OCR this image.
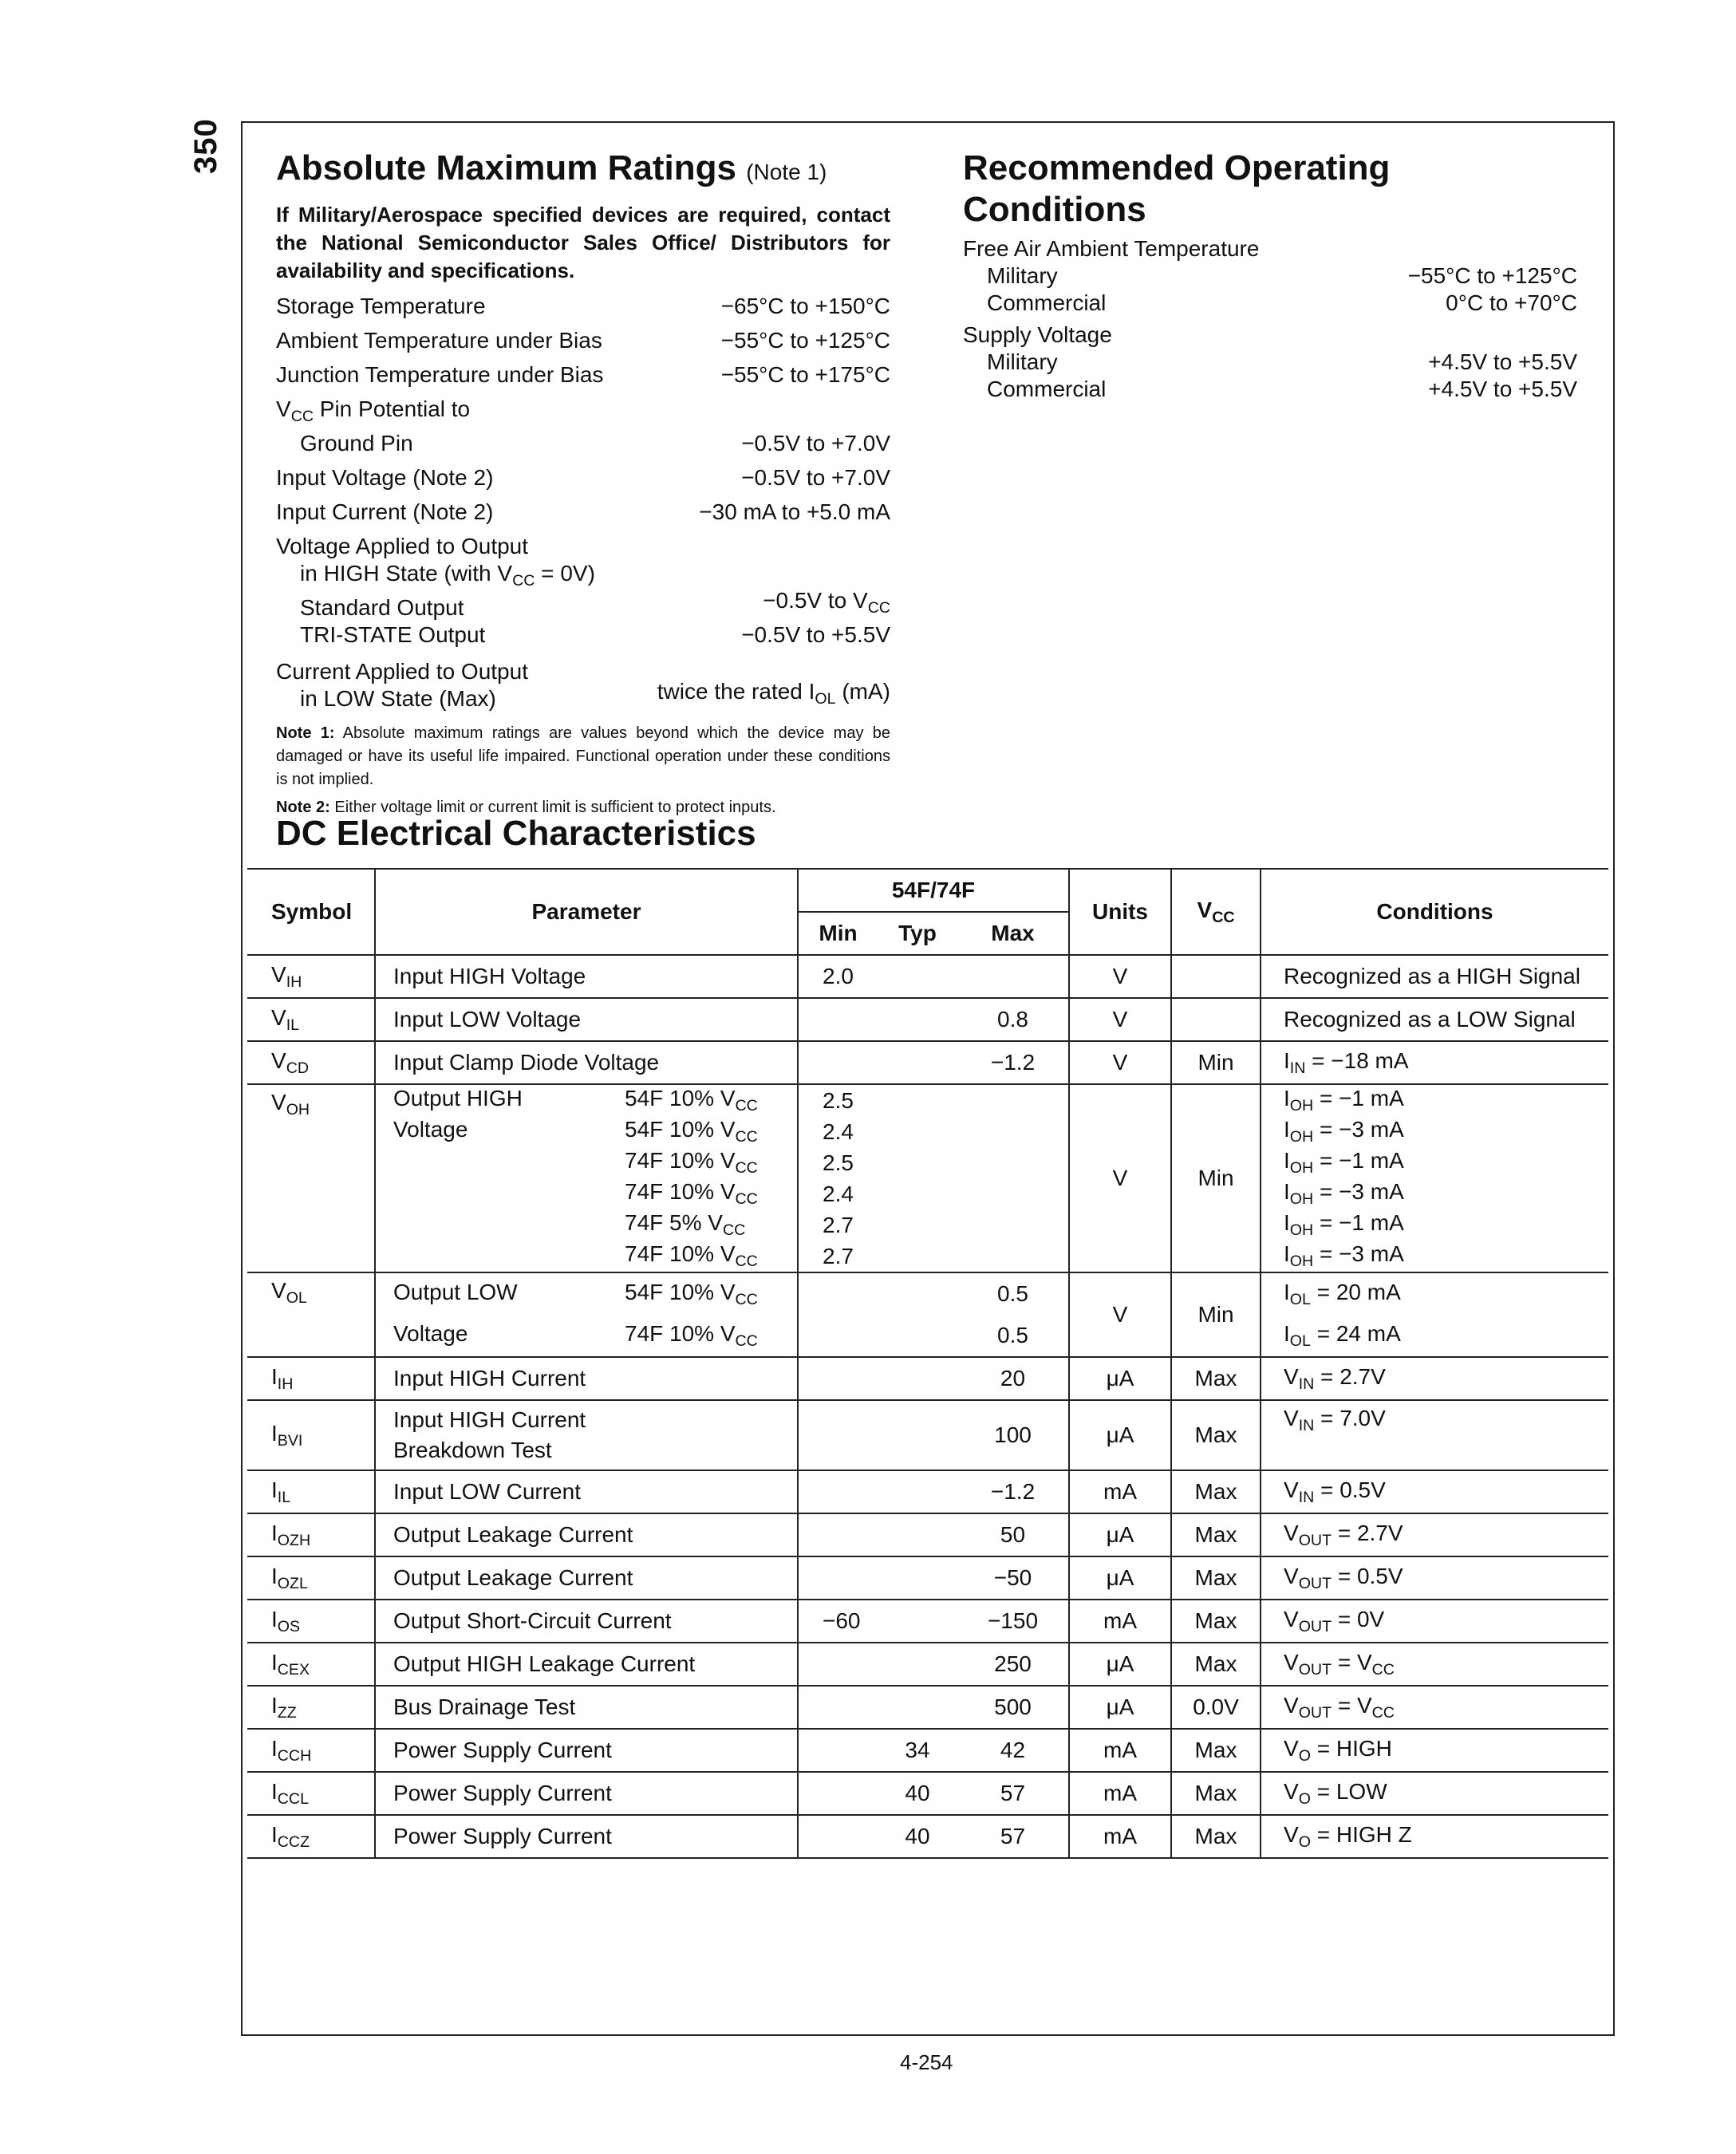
350 Absolute Maximum Ratings (Note 1)
If Military/Aerospace specified devices are required, contact the National Semiconductor Sales Office/ Distributors for availability and specifications.
Storage Temperature	−65°C to +150°C
Ambient Temperature under Bias	−55°C to +125°C
Junction Temperature under Bias	−55°C to +175°C
$V_{CC}$ Pin Potential to
Ground Pin	−0.5V to +7.0V
Input Voltage (Note 2)	−0.5V to +7.0V
Input Current (Note 2)	−30 mA to +5.0 mA
Voltage Applied to Output
in HIGH State (with $V_{CC} = 0V$)
Standard Output	−0.5V to $V_{CC}$
TRI-STATE Output	−0.5V to +5.5V
Current Applied to Output
in LOW State (Max)	twice the rated $I_{OL}$ (mA)
Note 1: Absolute maximum ratings are values beyond which the device may be damaged or have its useful life impaired. Functional operation under these conditions is not implied.
Note 2: Either voltage limit or current limit is sufficient to protect inputs.
Recommended Operating Conditions
Free Air Ambient Temperature
Military	−55°C to +125°C
Commercial	0°C to +70°C
Supply Voltage
Military	+4.5V to +5.5V
Commercial	+4.5V to +5.5V
DC Electrical Characteristics
Symbol	Parameter	54F/74F			Units	$V_{CC}$	Conditions
		Min	Typ	Max			
$V_{IH}$	Input HIGH Voltage	2.0			V		Recognized as a HIGH Signal
$V_{IL}$	Input LOW Voltage			0.8	V		Recognized as a LOW Signal
$V_{CD}$	Input Clamp Diode Voltage			−1.2	V	Min	$I_{IN} = -18$ mA
$V_{OH}$	Output HIGH 54F 10% $V_{CC}$	2.5			V	Min	$I_{OH} = -1$ mA
	Voltage 54F 10% $V_{CC}$	2.4					$I_{OH} = -3$ mA
	74F 10% $V_{CC}$	2.5					$I_{OH} = -1$ mA
	74F 10% $V_{CC}$	2.4					$I_{OH} = -3$ mA
	74F 5% $V_{CC}$	2.7					$I_{OH} = -1$ mA
	74F 10% $V_{CC}$	2.7					$I_{OH} = -3$ mA
$V_{OL}$	Output LOW 54F 10% $V_{CC}$			0.5	V	Min	$I_{OL} = 20$ mA
	Voltage 74F 10% $V_{CC}$			0.5			$I_{OL} = 24$ mA
$I_{IH}$	Input HIGH Current			20	μA	Max	$V_{IN} = 2.7V$
$I_{BVI}$	Input HIGH Current
Breakdown Test			100	μA	Max	$V_{IN} = 7.0V$
$I_{IL}$	Input LOW Current			−1.2	mA	Max	$V_{IN} = 0.5V$
$I_{OZH}$	Output Leakage Current			50	μA	Max	$V_{OUT} = 2.7V$
$I_{OZL}$	Output Leakage Current			−50	μA	Max	$V_{OUT} = 0.5V$
$I_{OS}$	Output Short-Circuit Current	−60		−150	mA	Max	$V_{OUT} = 0V$
$I_{CEX}$	Output HIGH Leakage Current			250	μA	Max	$V_{OUT} = V_{CC}$
$I_{ZZ}$	Bus Drainage Test			500	μA	0.0V	$V_{OUT} = V_{CC}$
$I_{CCH}$	Power Supply Current		34	42	mA	Max	$V_O$ = HIGH
$I_{CCL}$	Power Supply Current		40	57	mA	Max	$V_O$ = LOW
$I_{CCZ}$	Power Supply Current		40	57	mA	Max	$V_O$ = HIGH Z
4-254
